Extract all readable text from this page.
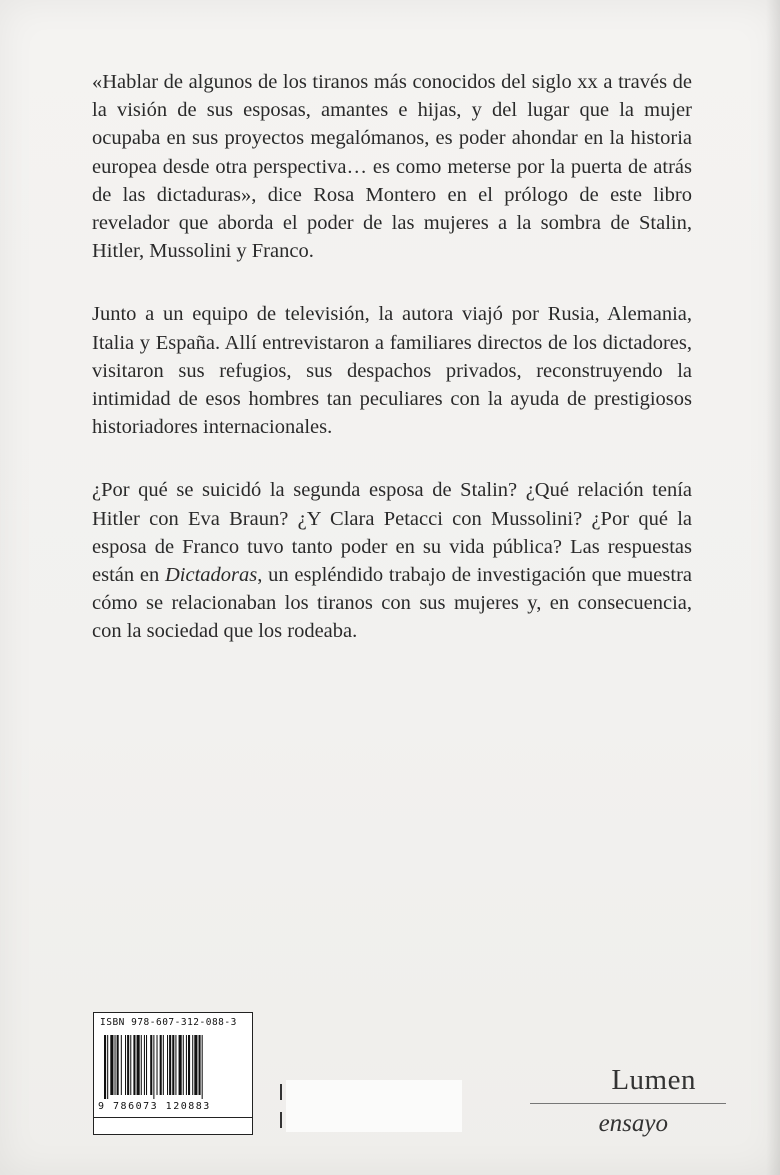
«Hablar de algunos de los tiranos más conocidos del siglo xx a través de la visión de sus esposas, amantes e hijas, y del lugar que la mujer ocupaba en sus proyectos megalómanos, es poder ahondar en la historia europea desde otra perspectiva… es como meterse por la puerta de atrás de las dictaduras», dice Rosa Montero en el prólogo de este libro revelador que aborda el poder de las mujeres a la sombra de Stalin, Hitler, Mussolini y Franco.

Junto a un equipo de televisión, la autora viajó por Rusia, Alemania, Italia y España. Allí entrevistaron a familiares directos de los dictadores, visitaron sus refugios, sus despachos privados, reconstruyendo la intimidad de esos hombres tan peculiares con la ayuda de prestigiosos historiadores internacionales.

¿Por qué se suicidó la segunda esposa de Stalin? ¿Qué relación tenía Hitler con Eva Braun? ¿Y Clara Petacci con Mussolini? ¿Por qué la esposa de Franco tuvo tanto poder en su vida pública? Las respuestas están en Dictadoras, un espléndido trabajo de investigación que muestra cómo se relacionaban los tiranos con sus mujeres y, en consecuencia, con la sociedad que los rodeaba.

ISBN 978-607-312-088-3
9 786073 120883
Lumen
ensayo
